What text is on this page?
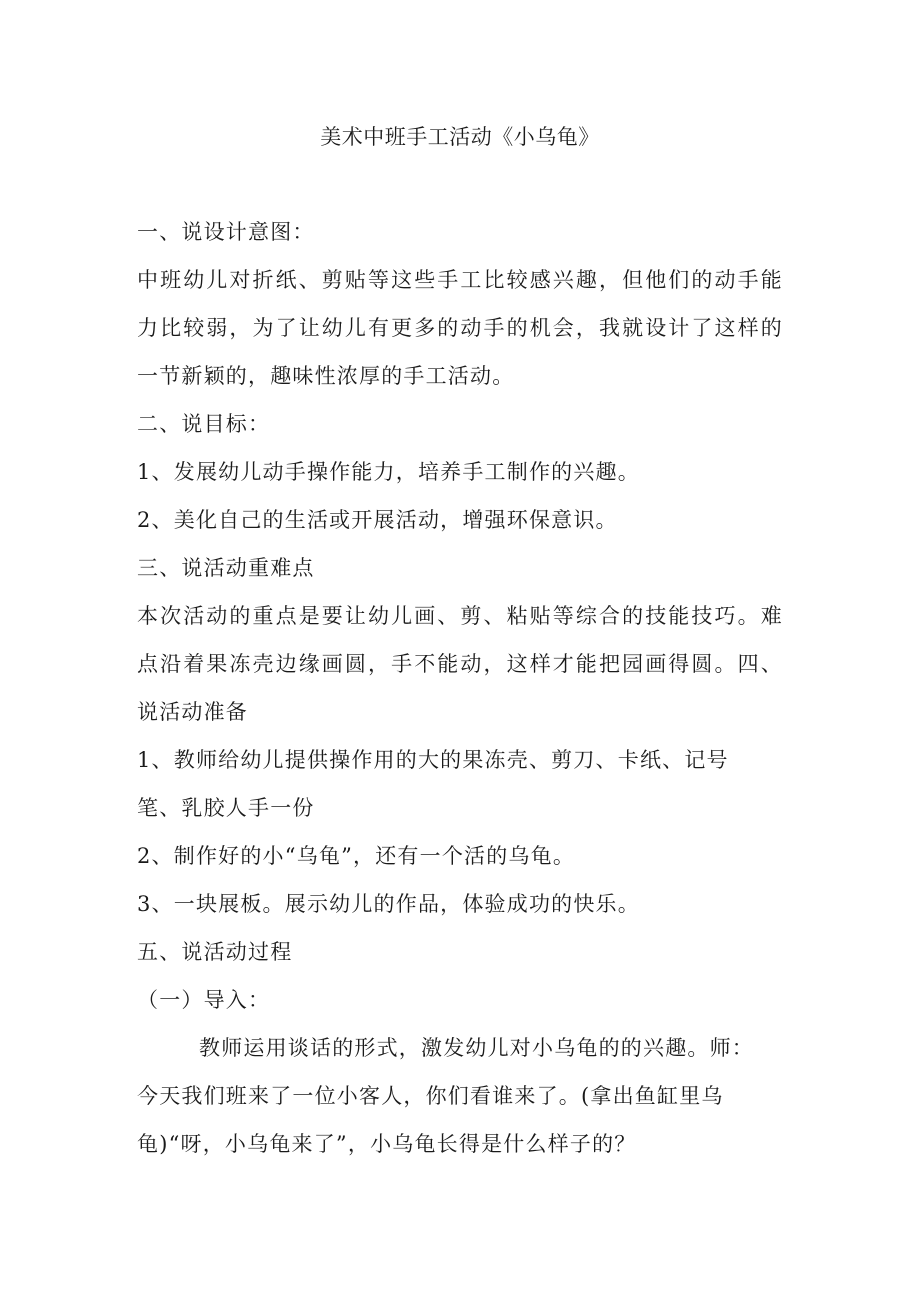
美术中班手工活动《小乌龟》
一、说设计意图：
中班幼儿对折纸、剪贴等这些手工比较感兴趣，但他们的动手能
力比较弱，为了让幼儿有更多的动手的机会，我就设计了这样的
一节新颖的，趣味性浓厚的手工活动。
二、说目标：
1、发展幼儿动手操作能力，培养手工制作的兴趣。
2、美化自己的生活或开展活动，增强环保意识。
三、说活动重难点
本次活动的重点是要让幼儿画、剪、粘贴等综合的技能技巧。难
点沿着果冻壳边缘画圆，手不能动，这样才能把园画得圆。四、
说活动准备
1、教师给幼儿提供操作用的大的果冻壳、剪刀、卡纸、记号
笔、乳胶人手一份
2、制作好的小“乌龟”，还有一个活的乌龟。
3、一块展板。展示幼儿的作品，体验成功的快乐。
五、说活动过程
（一）导入：
教师运用谈话的形式，激发幼儿对小乌龟的的兴趣。师：
今天我们班来了一位小客人，你们看谁来了。(拿出鱼缸里乌
龟)“呀，小乌龟来了”，小乌龟长得是什么样子的？
